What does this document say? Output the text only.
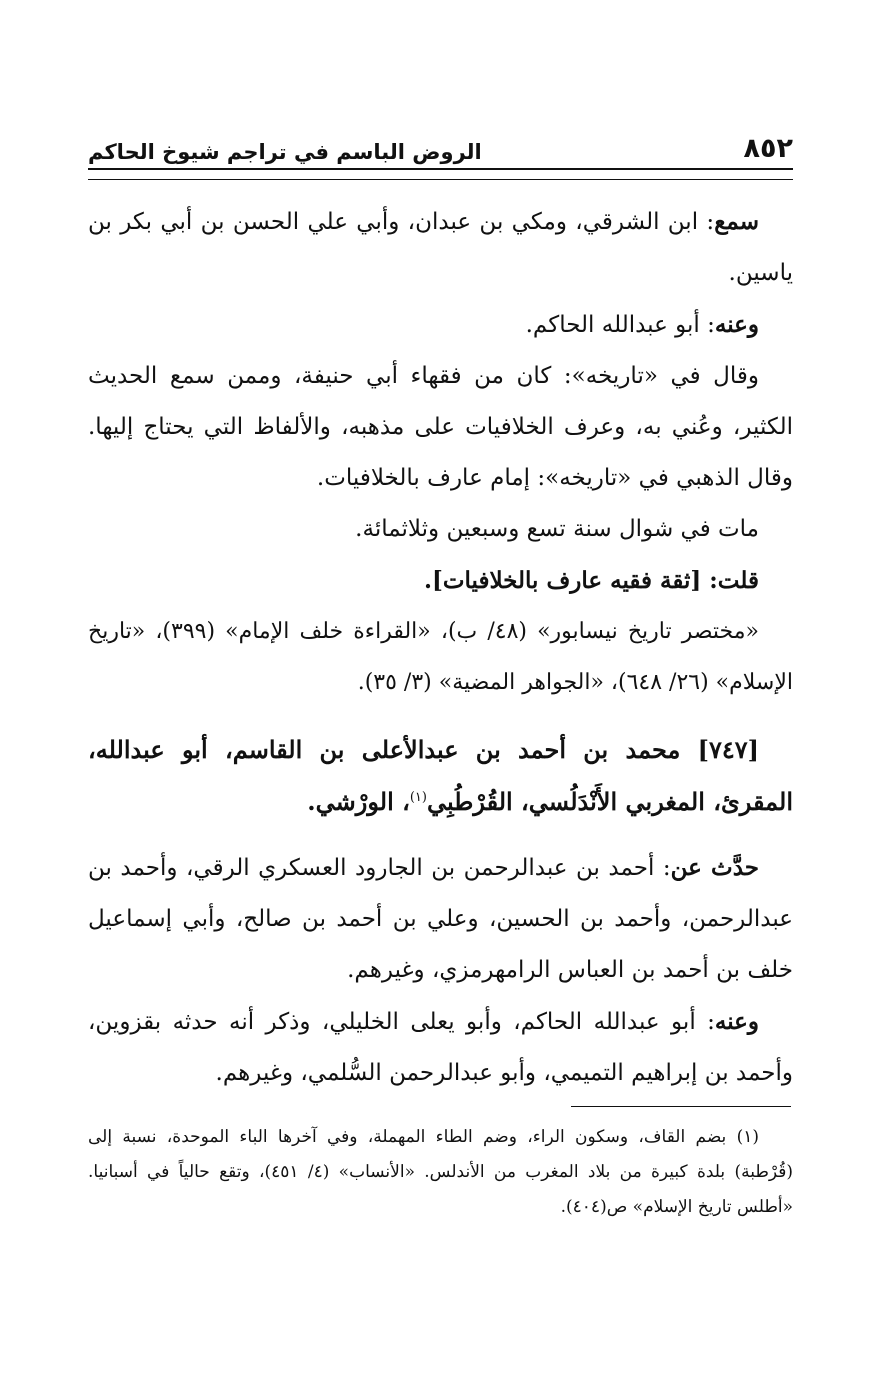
٨٥٢
الروض الباسم في تراجم شيوخ الحاكم

سمع: ابن الشرقي، ومكي بن عبدان، وأبي علي الحسن بن أبي بكر بن ياسين.

وعنه: أبو عبدالله الحاكم.

وقال في «تاريخه»: كان من فقهاء أبي حنيفة، وممن سمع الحديث الكثير، وعُني به، وعرف الخلافيات على مذهبه، والألفاظ التي يحتاج إليها. وقال الذهبي في «تاريخه»: إمام عارف بالخلافيات.

مات في شوال سنة تسع وسبعين وثلاثمائة.

قلت: [ثقة فقيه عارف بالخلافيات].

«مختصر تاريخ نيسابور» (٤٨/ ب)، «القراءة خلف الإمام» (٣٩٩)، «تاريخ الإسلام» (٢٦/ ٦٤٨)، «الجواهر المضية» (٣/ ٣٥).

[٧٤٧] محمد بن أحمد بن عبدالأعلى بن القاسم، أبو عبدالله، المقرئ، المغربي الأَنْدَلُسي، القُرْطُبِي$^{(١)}$، الورْشي.

حدَّث عن: أحمد بن عبدالرحمن بن الجارود العسكري الرقي، وأحمد بن عبدالرحمن، وأحمد بن الحسين، وعلي بن أحمد بن صالح، وأبي إسماعيل خلف بن أحمد بن العباس الرامهرمزي، وغيرهم.

وعنه: أبو عبدالله الحاكم، وأبو يعلى الخليلي، وذكر أنه حدثه بقزوين، وأحمد بن إبراهيم التميمي، وأبو عبدالرحمن السُّلمي، وغيرهم.

(١) بضم القاف، وسكون الراء، وضم الطاء المهملة، وفي آخرها الباء الموحدة، نسبة إلى (قُرْطبة) بلدة كبيرة من بلاد المغرب من الأندلس. «الأنساب» (٤/ ٤٥١)، وتقع حالياً في أسبانيا. «أطلس تاريخ الإسلام» ص(٤٠٤).
